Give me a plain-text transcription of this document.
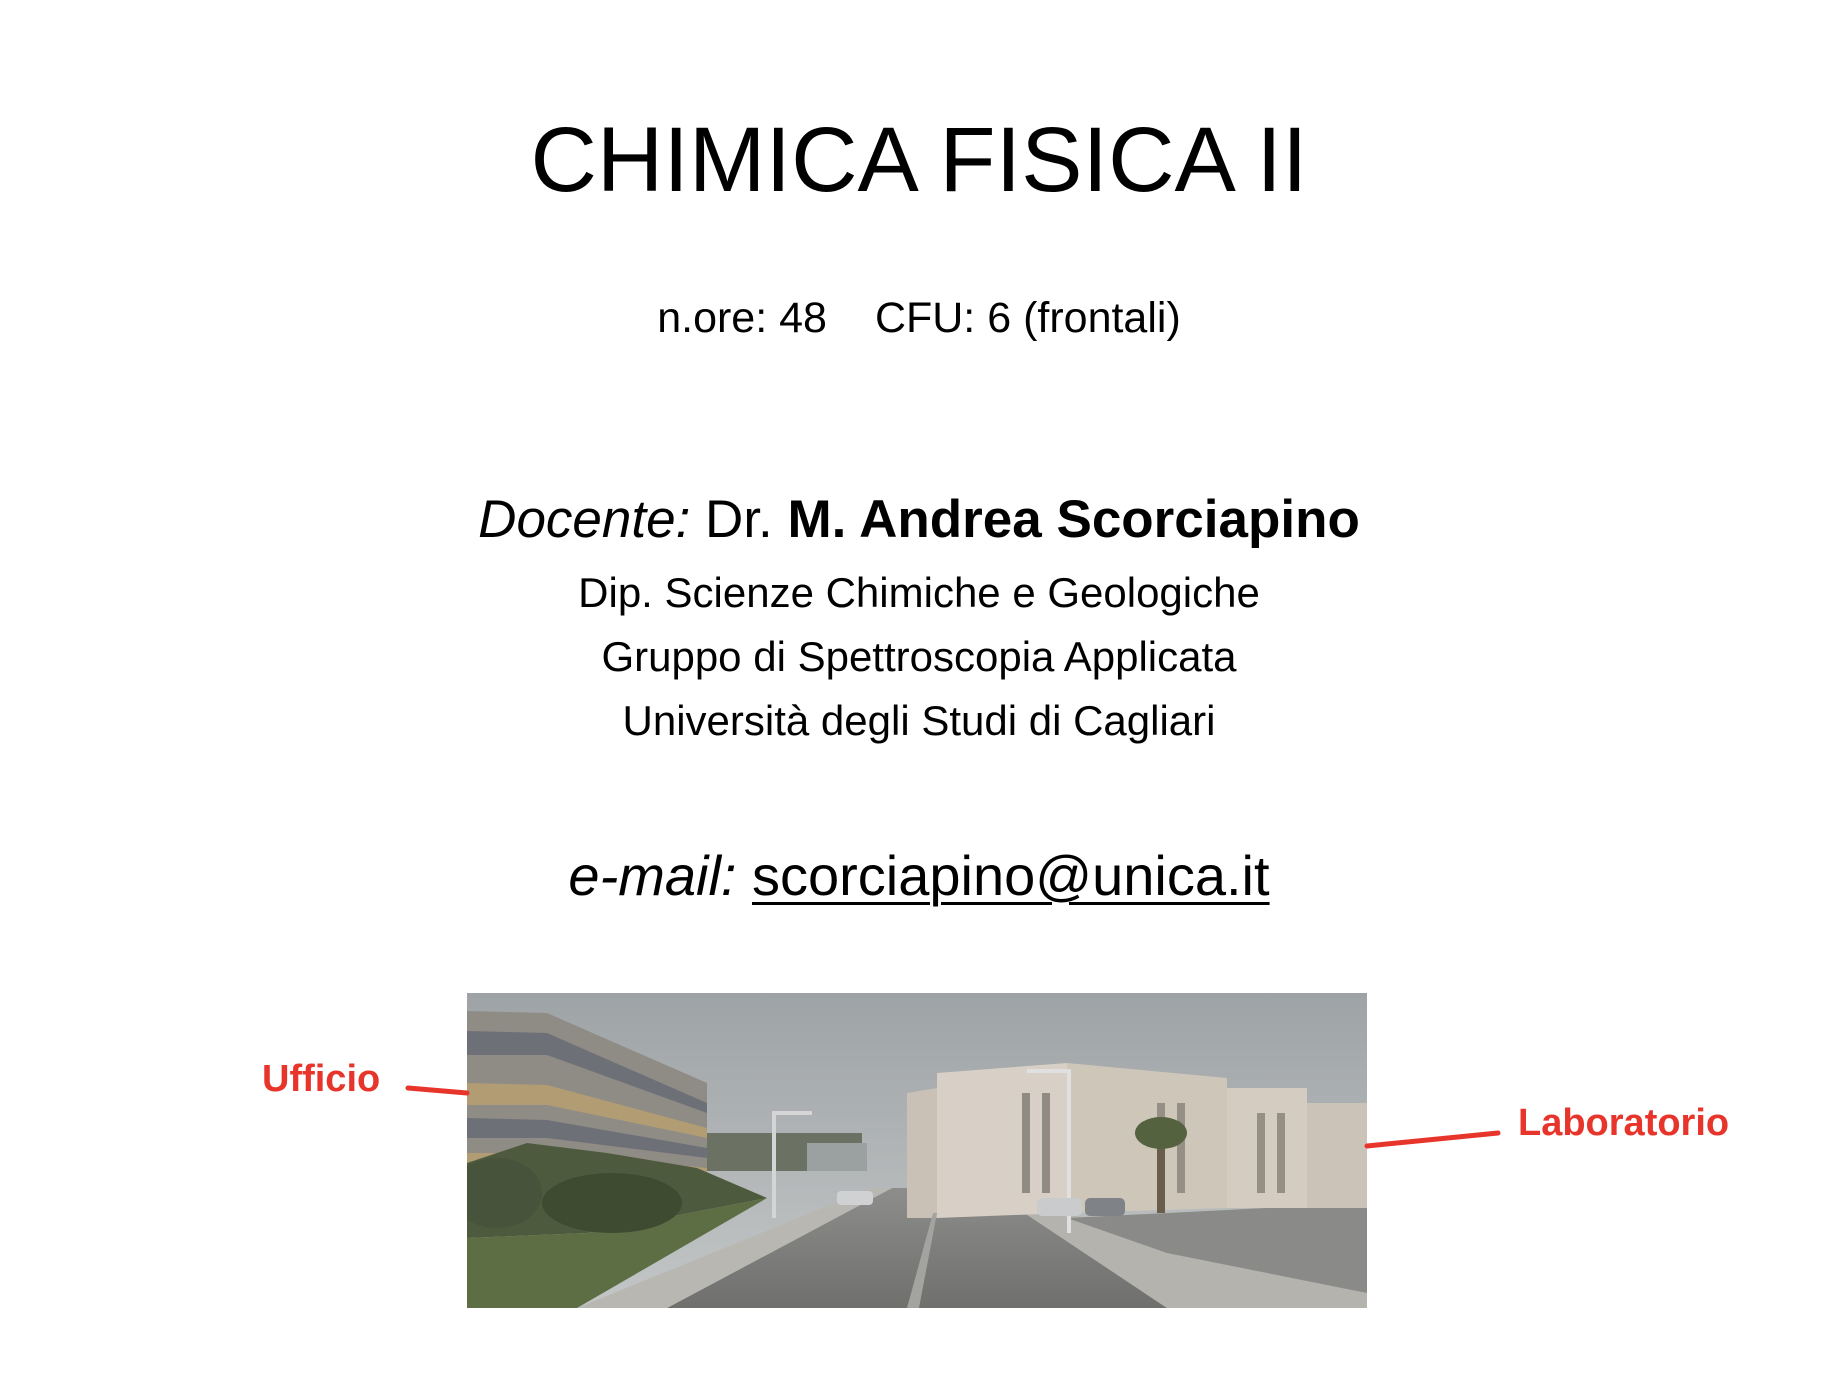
CHIMICA FISICA II
n.ore: 48 CFU: 6 (frontali)
Docente: Dr. M. Andrea Scorciapino
Dip. Scienze Chimiche e Geologiche
Gruppo di Spettroscopia Applicata
Università degli Studi di Cagliari
e-mail: scorciapino@unica.it
Ufficio
Laboratorio
